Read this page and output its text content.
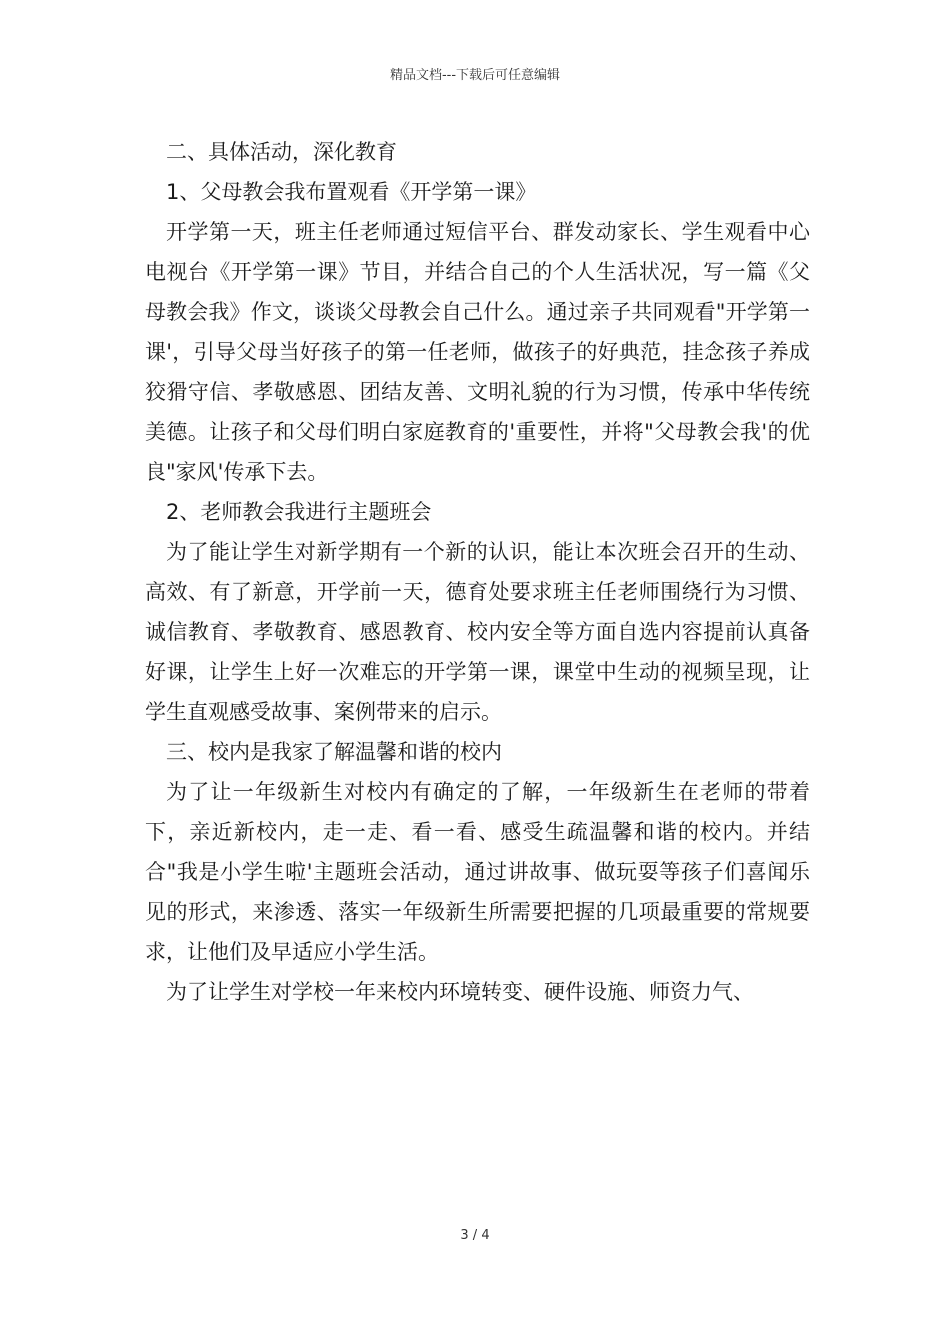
精品文档---下载后可任意编辑

二、具体活动，深化教育

1、父母教会我布置观看《开学第一课》

开学第一天，班主任老师通过短信平台、群发动家长、学生观看中心电视台《开学第一课》节目，并结合自己的个人生活状况，写一篇《父母教会我》作文，谈谈父母教会自己什么。通过亲子共同观看"开学第一课'，引导父母当好孩子的第一任老师，做孩子的好典范，挂念孩子养成狡猾守信、孝敬感恩、团结友善、文明礼貌的行为习惯，传承中华传统美德。让孩子和父母们明白家庭教育的'重要性，并将"父母教会我'的优良"家风'传承下去。

2、老师教会我进行主题班会

为了能让学生对新学期有一个新的认识，能让本次班会召开的生动、高效、有了新意，开学前一天，德育处要求班主任老师围绕行为习惯、诚信教育、孝敬教育、感恩教育、校内安全等方面自选内容提前认真备好课，让学生上好一次难忘的开学第一课，课堂中生动的视频呈现，让学生直观感受故事、案例带来的启示。

三、校内是我家了解温馨和谐的校内

为了让一年级新生对校内有确定的了解，一年级新生在老师的带着下，亲近新校内，走一走、看一看、感受生疏温馨和谐的校内。并结合"我是小学生啦'主题班会活动，通过讲故事、做玩耍等孩子们喜闻乐见的形式，来渗透、落实一年级新生所需要把握的几项最重要的常规要求，让他们及早适应小学生活。

为了让学生对学校一年来校内环境转变、硬件设施、师资力气、

3 / 4
